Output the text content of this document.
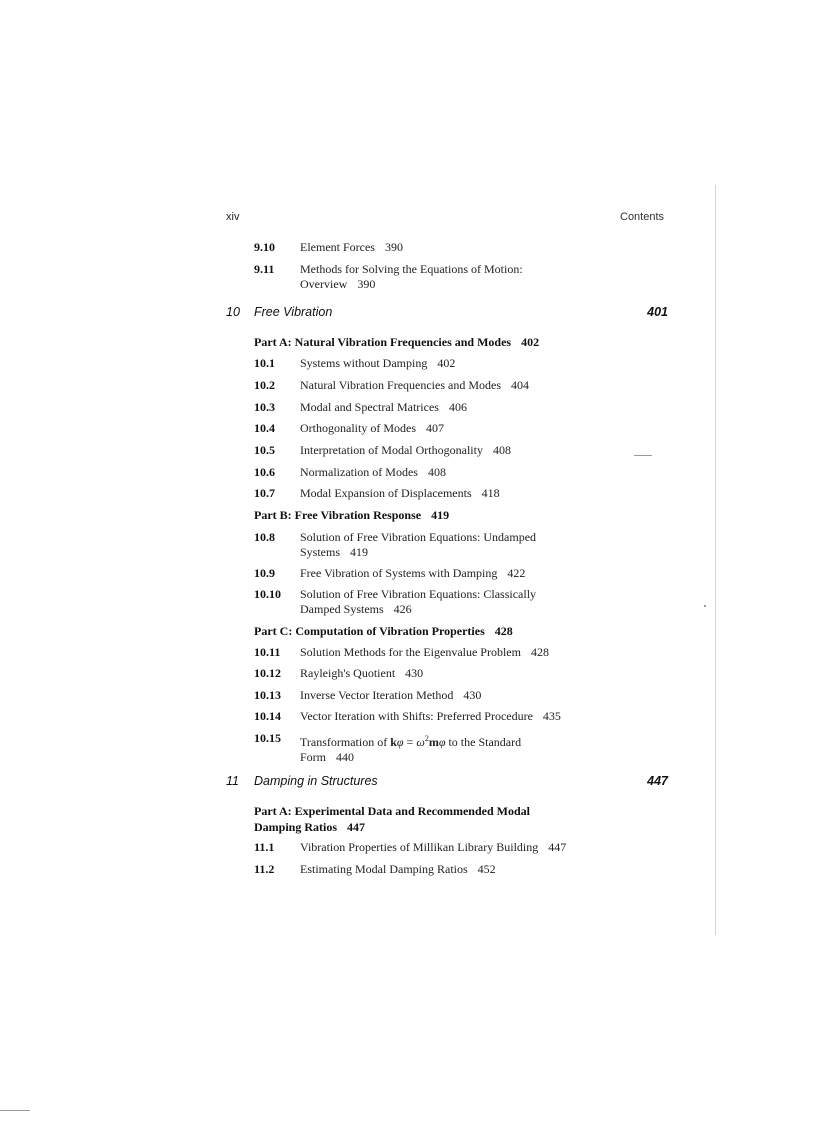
xiv	Contents
9.10 Element Forces 390
9.11 Methods for Solving the Equations of Motion: Overview 390
10 Free Vibration	401
Part A: Natural Vibration Frequencies and Modes 402
10.1 Systems without Damping 402
10.2 Natural Vibration Frequencies and Modes 404
10.3 Modal and Spectral Matrices 406
10.4 Orthogonality of Modes 407
10.5 Interpretation of Modal Orthogonality 408
10.6 Normalization of Modes 408
10.7 Modal Expansion of Displacements 418
Part B: Free Vibration Response 419
10.8 Solution of Free Vibration Equations: Undamped Systems 419
10.9 Free Vibration of Systems with Damping 422
10.10 Solution of Free Vibration Equations: Classically Damped Systems 426
Part C: Computation of Vibration Properties 428
10.11 Solution Methods for the Eigenvalue Problem 428
10.12 Rayleigh's Quotient 430
10.13 Inverse Vector Iteration Method 430
10.14 Vector Iteration with Shifts: Preferred Procedure 435
10.15 Transformation of $k\varphi = \omega^2m\varphi$ to the Standard Form 440
11 Damping in Structures	447
Part A: Experimental Data and Recommended Modal Damping Ratios 447
11.1 Vibration Properties of Millikan Library Building 447
11.2 Estimating Modal Damping Ratios 452
